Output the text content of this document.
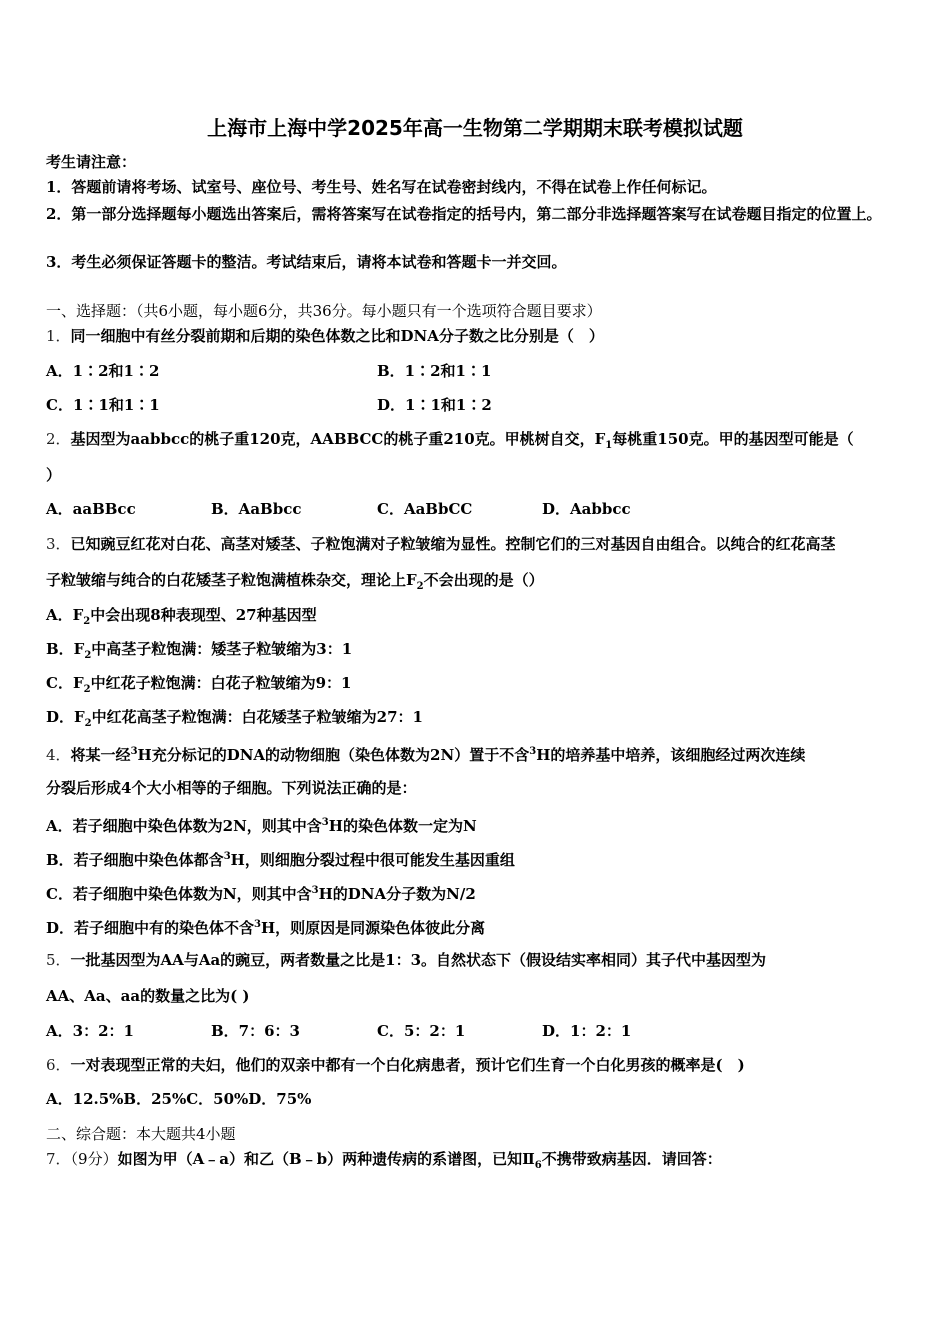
上海市上海中学2025年高一生物第二学期期末联考模拟试题
考生请注意：
1．答题前请将考场、试室号、座位号、考生号、姓名写在试卷密封线内，不得在试卷上作任何标记。
2．第一部分选择题每小题选出答案后，需将答案写在试卷指定的括号内，第二部分非选择题答案写在试卷题目指定的位置上。
3．考生必须保证答题卡的整洁。考试结束后，请将本试卷和答题卡一并交回。
一、选择题：（共6小题，每小题6分，共36分。每小题只有一个选项符合题目要求）
1．同一细胞中有丝分裂前期和后期的染色体数之比和DNA分子数之比分别是（　）
A．1∶2和1∶2	B．1∶2和1∶1
C．1∶1和1∶1	D．1∶1和1∶2
2．基因型为aabbcc的桃子重120克，AABBCC的桃子重210克。甲桃树自交，$F_1$每桃重150克。甲的基因型可能是（
）
A．aaBBcc	B．AaBbcc	C．AaBbCC	D．Aabbcc
3．已知豌豆红花对白花、高茎对矮茎、子粒饱满对子粒皱缩为显性。控制它们的三对基因自由组合。以纯合的红花高茎
子粒皱缩与纯合的白花矮茎子粒饱满植株杂交，理论上$F_2$不会出现的是（）
A．$F_2$中会出现8种表现型、27种基因型
B．$F_2$中高茎子粒饱满：矮茎子粒皱缩为3：1
C．$F_2$中红花子粒饱满：白花子粒皱缩为9：1
D．$F_2$中红花高茎子粒饱满：白花矮茎子粒皱缩为27：1
4．将某一经$^3$H充分标记的DNA的动物细胞（染色体数为2N）置于不含$^3$H的培养基中培养，该细胞经过两次连续
分裂后形成4个大小相等的子细胞。下列说法正确的是：
A．若子细胞中染色体数为2N，则其中含$^3$H的染色体数一定为N
B．若子细胞中染色体都含$^3$H，则细胞分裂过程中很可能发生基因重组
C．若子细胞中染色体数为N，则其中含$^3$H的DNA分子数为N/2
D．若子细胞中有的染色体不含$^3$H，则原因是同源染色体彼此分离
5．一批基因型为AA与Aa的豌豆，两者数量之比是1：3。自然状态下（假设结实率相同）其子代中基因型为
AA、Aa、aa的数量之比为( )
A．3：2：1	B．7：6：3	C．5：2：1	D．1：2：1
6．一对表现型正常的夫妇，他们的双亲中都有一个白化病患者，预计它们生育一个白化男孩的概率是(　)
A．12.5%B．25%C．50%D．75%
二、综合题：本大题共4小题
7．（9分）如图为甲（A﹣a）和乙（B﹣b）两种遗传病的系谱图，已知$Ⅱ_6$不携带致病基因．请回答：
